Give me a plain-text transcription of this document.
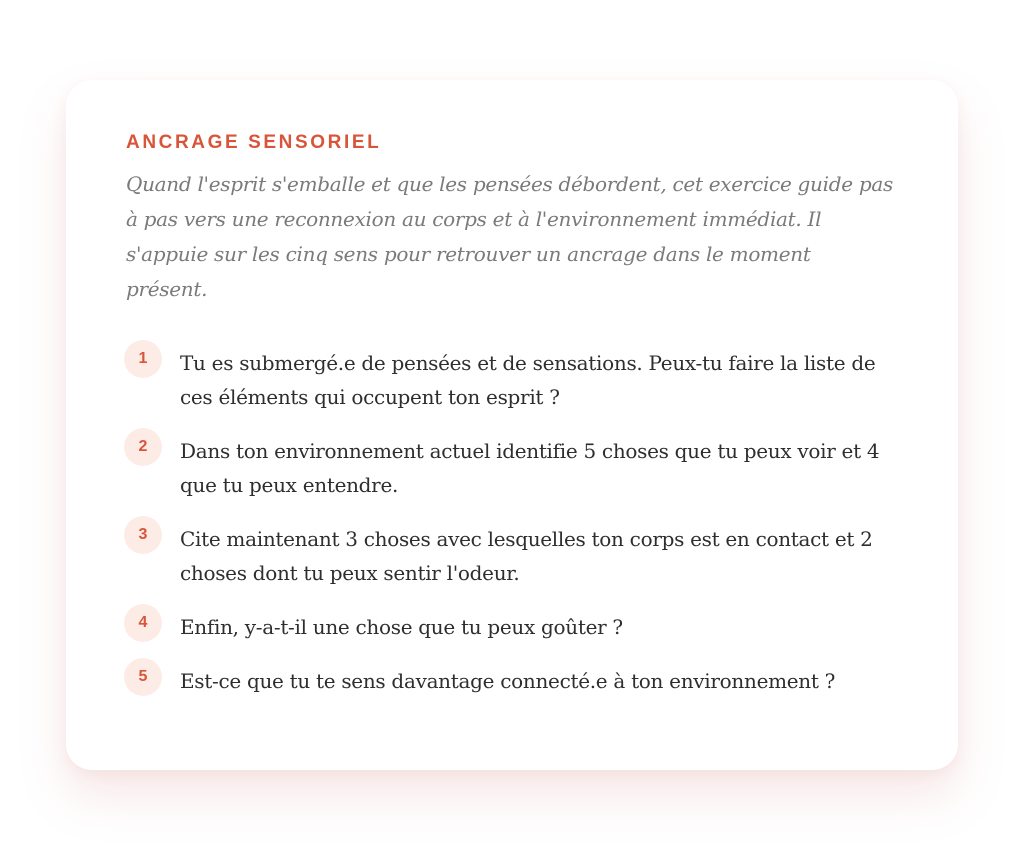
ANCRAGE SENSORIEL

Quand l'esprit s'emballe et que les pensées débordent, cet exercice guide pas à pas vers une reconnexion au corps et à l'environnement immédiat. Il s'appuie sur les cinq sens pour retrouver un ancrage dans le moment présent.

1	Tu es submergé.e de pensées et de sensations. Peux-tu faire la liste de ces éléments qui occupent ton esprit ?
2	Dans ton environnement actuel identifie 5 choses que tu peux voir et 4 que tu peux entendre.
3	Cite maintenant 3 choses avec lesquelles ton corps est en contact et 2 choses dont tu peux sentir l'odeur.
4	Enfin, y-a-t-il une chose que tu peux goûter ?
5	Est-ce que tu te sens davantage connecté.e à ton environnement ?
